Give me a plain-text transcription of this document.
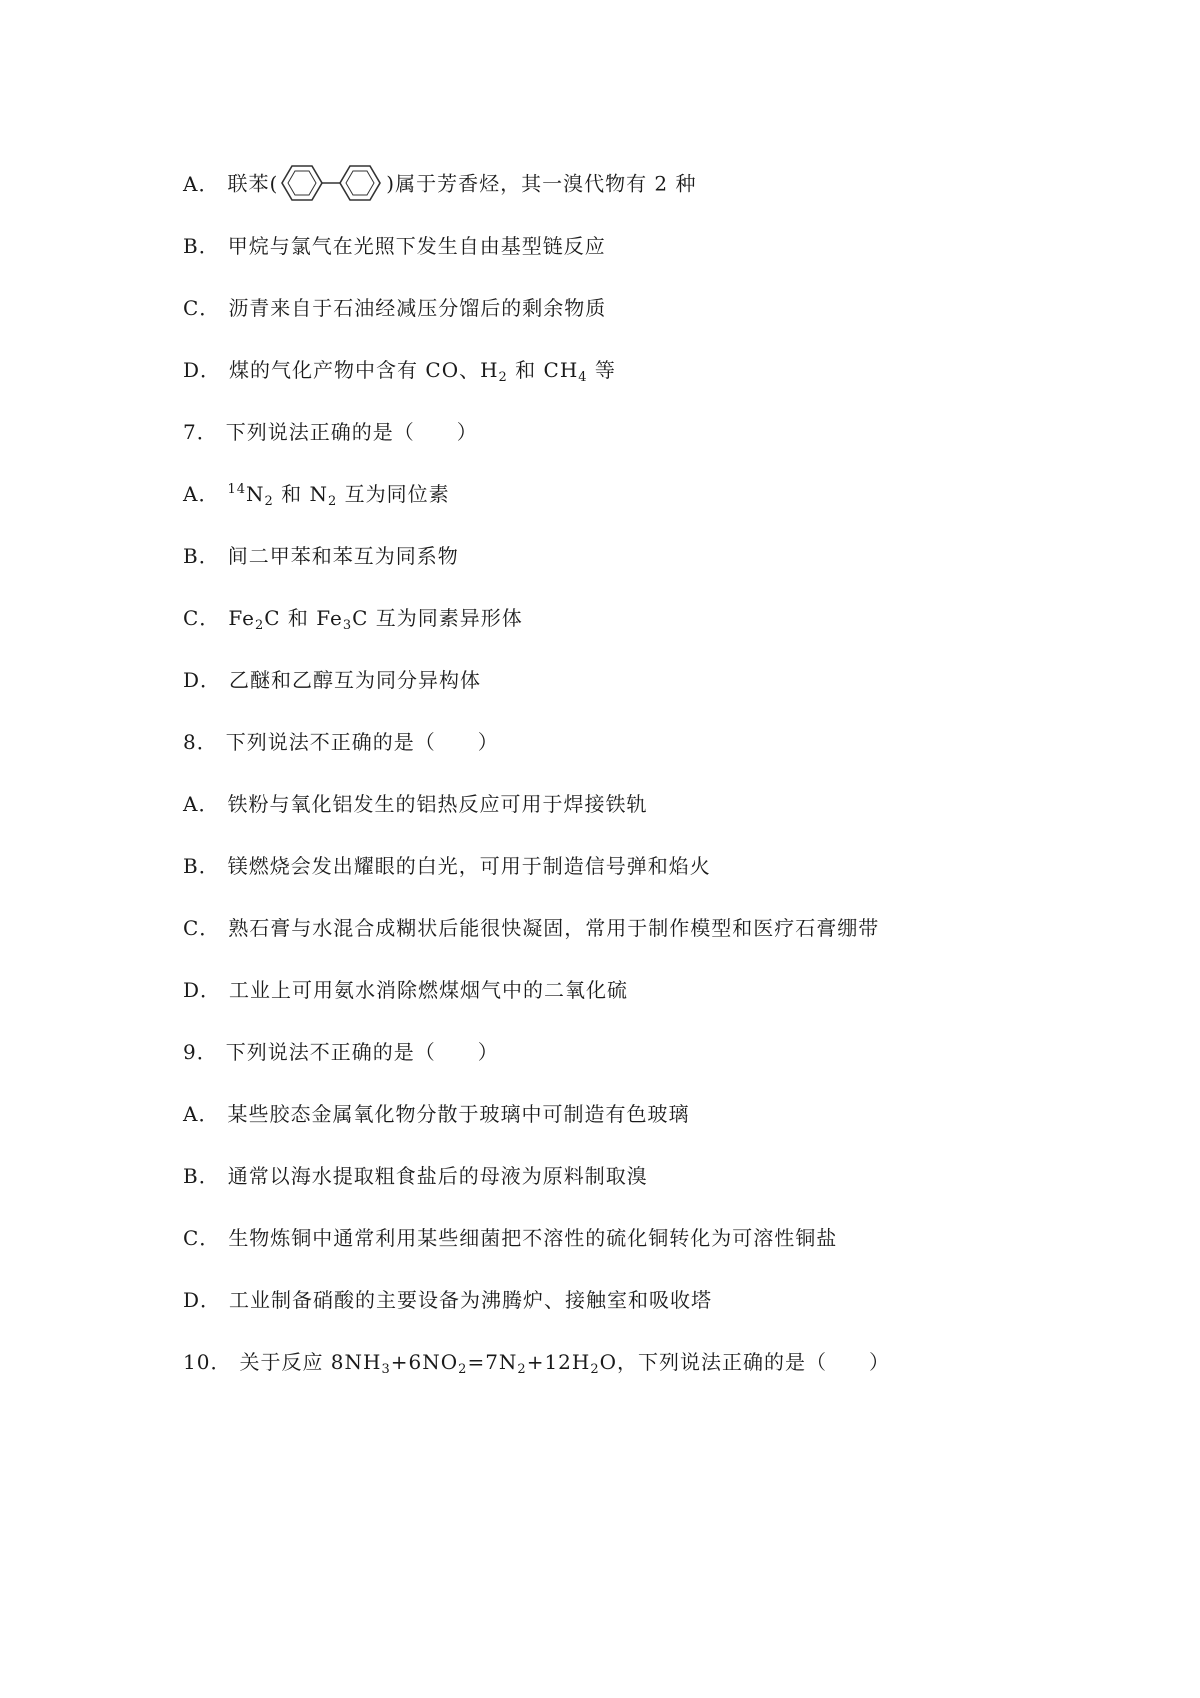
A． 联苯(	)属于芳香烃，其一溴代物有 2 种
B． 甲烷与氯气在光照下发生自由基型链反应
C． 沥青来自于石油经减压分馏后的剩余物质
D． 煤的气化产物中含有 CO、$H_2$ 和 $CH_4$ 等
7． 下列说法正确的是（　　）
A． $^{14}N_2$ 和 $N_2$ 互为同位素
B． 间二甲苯和苯互为同系物
C． $Fe_2C$ 和 $Fe_3C$ 互为同素异形体
D． 乙醚和乙醇互为同分异构体
8． 下列说法不正确的是（　　）
A． 铁粉与氧化铝发生的铝热反应可用于焊接铁轨
B． 镁燃烧会发出耀眼的白光，可用于制造信号弹和焰火
C． 熟石膏与水混合成糊状后能很快凝固，常用于制作模型和医疗石膏绷带
D． 工业上可用氨水消除燃煤烟气中的二氧化硫
9． 下列说法不正确的是（　　）
A． 某些胶态金属氧化物分散于玻璃中可制造有色玻璃
B． 通常以海水提取粗食盐后的母液为原料制取溴
C． 生物炼铜中通常利用某些细菌把不溶性的硫化铜转化为可溶性铜盐
D． 工业制备硝酸的主要设备为沸腾炉、接触室和吸收塔
10． 关于反应 $8NH_3+6NO_2=7N_2+12H_2O$，下列说法正确的是（　　）
